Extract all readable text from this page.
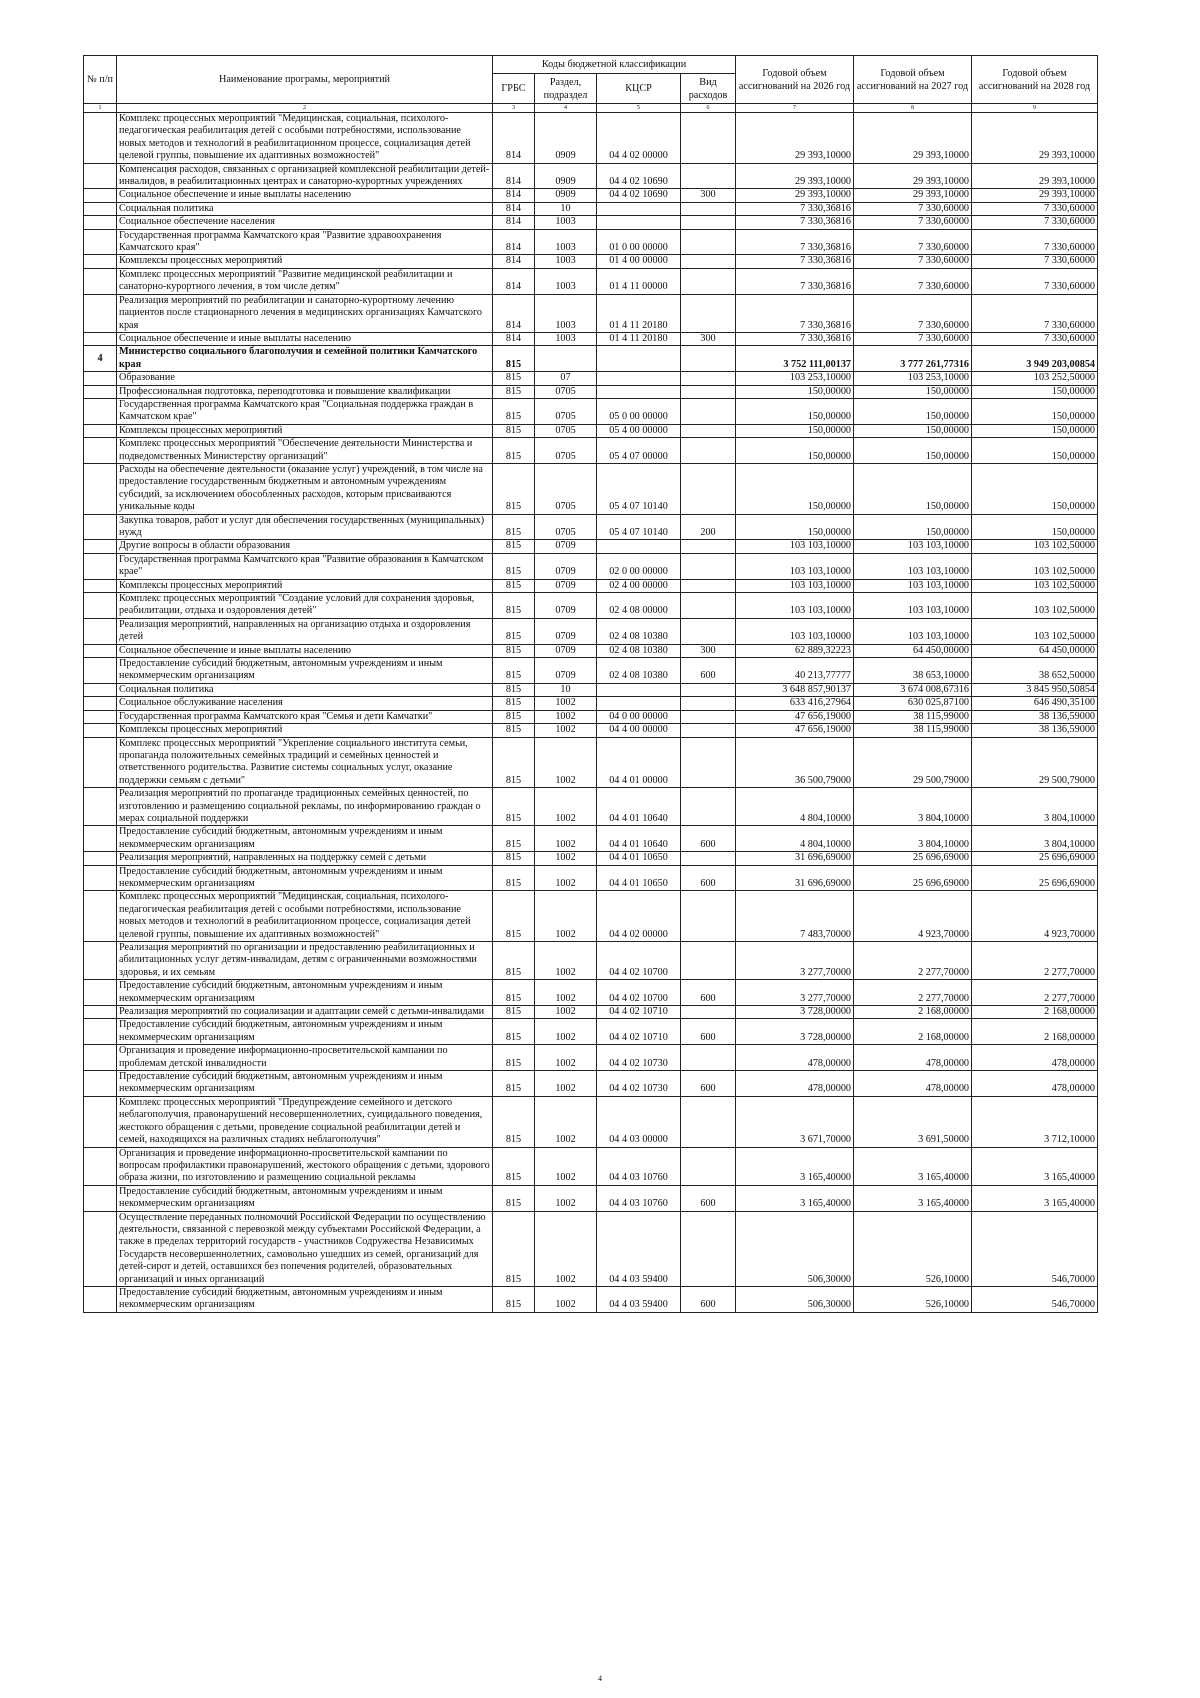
№ п/п	Наименование програмы, мероприятий	Коды бюджетной классификации				Годовой объем ассигнований на 2026 год	Годовой объем ассигнований на 2027 год	Годовой объем ассигнований на 2028 год
		ГРБС	Раздел, подраздел	КЦСР	Вид расходов			
1	2	3	4	5	6	7	8	9
	Комплекс процессных мероприятий "Медицинская, социальная, психолого-педагогическая реабилитация детей с особыми потребностями, использование новых методов и технологий в реабилитационном процессе, социализация детей целевой группы, повышение их адаптивных возможностей"	814	0909	04 4 02 00000		29 393,10000	29 393,10000	29 393,10000
	Компенсация расходов, связанных с организацией комплексной реабилитации детей-инвалидов, в реабилитационных центрах и санаторно-курортных учреждениях	814	0909	04 4 02 10690		29 393,10000	29 393,10000	29 393,10000
	Социальное обеспечение и иные выплаты населению	814	0909	04 4 02 10690	300	29 393,10000	29 393,10000	29 393,10000
	Социальная политика	814	10			7 330,36816	7 330,60000	7 330,60000
	Социальное обеспечение населения	814	1003			7 330,36816	7 330,60000	7 330,60000
	Государственная программа Камчатского края "Развитие здравоохранения Камчатского края"	814	1003	01 0 00 00000		7 330,36816	7 330,60000	7 330,60000
	Комплексы процессных мероприятий	814	1003	01 4 00 00000		7 330,36816	7 330,60000	7 330,60000
	Комплекс процессных мероприятий "Развитие медицинской реабилитации и санаторно-курортного лечения, в том числе детям"	814	1003	01 4 11 00000		7 330,36816	7 330,60000	7 330,60000
	Реализация мероприятий по реабилитации и санаторно-курортному лечению пациентов после стационарного лечения в медицинских организациях Камчатского края	814	1003	01 4 11 20180		7 330,36816	7 330,60000	7 330,60000
	Социальное обеспечение и иные выплаты населению	814	1003	01 4 11 20180	300	7 330,36816	7 330,60000	7 330,60000
4	Министерство социального благополучия и семейной политики Камчатского края	815				3 752 111,00137	3 777 261,77316	3 949 203,00854
	Образование	815	07			103 253,10000	103 253,10000	103 252,50000
	Профессиональная подготовка, переподготовка и повышение квалификации	815	0705			150,00000	150,00000	150,00000
	Государственная программа Камчатского края "Социальная поддержка граждан в Камчатском крае"	815	0705	05 0 00 00000		150,00000	150,00000	150,00000
	Комплексы процессных мероприятий	815	0705	05 4 00 00000		150,00000	150,00000	150,00000
	Комплекс процессных мероприятий "Обеспечение деятельности Министерства и подведомственных Министерству организаций"	815	0705	05 4 07 00000		150,00000	150,00000	150,00000
	Расходы на обеспечение деятельности (оказание услуг) учреждений, в том числе на предоставление государственным бюджетным и автономным учреждениям субсидий, за исключением обособленных расходов, которым присваиваются уникальные коды	815	0705	05 4 07 10140		150,00000	150,00000	150,00000
	Закупка товаров, работ и услуг для обеспечения государственных (муниципальных) нужд	815	0705	05 4 07 10140	200	150,00000	150,00000	150,00000
	Другие вопросы в области образования	815	0709			103 103,10000	103 103,10000	103 102,50000
	Государственная программа Камчатского края "Развитие образования в Камчатском крае"	815	0709	02 0 00 00000		103 103,10000	103 103,10000	103 102,50000
	Комплексы процессных мероприятий	815	0709	02 4 00 00000		103 103,10000	103 103,10000	103 102,50000
	Комплекс процессных мероприятий "Создание условий для сохранения здоровья, реабилитации, отдыха и оздоровления детей"	815	0709	02 4 08 00000		103 103,10000	103 103,10000	103 102,50000
	Реализация мероприятий, направленных на организацию отдыха и оздоровления детей	815	0709	02 4 08 10380		103 103,10000	103 103,10000	103 102,50000
	Социальное обеспечение и иные выплаты населению	815	0709	02 4 08 10380	300	62 889,32223	64 450,00000	64 450,00000
	Предоставление субсидий бюджетным, автономным учреждениям и иным некоммерческим организациям	815	0709	02 4 08 10380	600	40 213,77777	38 653,10000	38 652,50000
	Социальная политика	815	10			3 648 857,90137	3 674 008,67316	3 845 950,50854
	Социальное обслуживание населения	815	1002			633 416,27964	630 025,87100	646 490,35100
	Государственная программа Камчатского края "Семья и дети Камчатки"	815	1002	04 0 00 00000		47 656,19000	38 115,99000	38 136,59000
	Комплексы процессных мероприятий	815	1002	04 4 00 00000		47 656,19000	38 115,99000	38 136,59000
	Комплекс процессных мероприятий "Укрепление социального института семьи, пропаганда положительных семейных традиций и семейных ценностей и ответственного родительства. Развитие системы социальных услуг, оказание поддержки семьям с детьми"	815	1002	04 4 01 00000		36 500,79000	29 500,79000	29 500,79000
	Реализация мероприятий по пропаганде традиционных семейных ценностей, по изготовлению и размещению социальной рекламы, по информированию граждан о мерах социальной поддержки	815	1002	04 4 01 10640		4 804,10000	3 804,10000	3 804,10000
	Предоставление субсидий бюджетным, автономным учреждениям и иным некоммерческим организациям	815	1002	04 4 01 10640	600	4 804,10000	3 804,10000	3 804,10000
	Реализация мероприятий, направленных на поддержку семей с детьми	815	1002	04 4 01 10650		31 696,69000	25 696,69000	25 696,69000
	Предоставление субсидий бюджетным, автономным учреждениям и иным некоммерческим организациям	815	1002	04 4 01 10650	600	31 696,69000	25 696,69000	25 696,69000
	Комплекс процессных мероприятий "Медицинская, социальная, психолого-педагогическая реабилитация детей с особыми потребностями, использование новых методов и технологий в реабилитационном процессе, социализация детей целевой группы, повышение их адаптивных возможностей"	815	1002	04 4 02 00000		7 483,70000	4 923,70000	4 923,70000
	Реализация мероприятий по организации и предоставлению реабилитационных и абилитационных услуг детям-инвалидам, детям с ограниченными возможностями здоровья, и их семьям	815	1002	04 4 02 10700		3 277,70000	2 277,70000	2 277,70000
	Предоставление субсидий бюджетным, автономным учреждениям и иным некоммерческим организациям	815	1002	04 4 02 10700	600	3 277,70000	2 277,70000	2 277,70000
	Реализация мероприятий по социализации и адаптации семей с детьми-инвалидами	815	1002	04 4 02 10710		3 728,00000	2 168,00000	2 168,00000
	Предоставление субсидий бюджетным, автономным учреждениям и иным некоммерческим организациям	815	1002	04 4 02 10710	600	3 728,00000	2 168,00000	2 168,00000
	Организация и проведение информационно-просветительской кампании по проблемам детской инвалидности	815	1002	04 4 02 10730		478,00000	478,00000	478,00000
	Предоставление субсидий бюджетным, автономным учреждениям и иным некоммерческим организациям	815	1002	04 4 02 10730	600	478,00000	478,00000	478,00000
	Комплекс процессных мероприятий "Предупреждение семейного и детского неблагополучия, правонарушений несовершеннолетних, суицидального поведения, жестокого обращения с детьми, проведение социальной реабилитации детей и семей, находящихся на различных стадиях неблагополучия"	815	1002	04 4 03 00000		3 671,70000	3 691,50000	3 712,10000
	Организация и проведение информационно-просветительской кампании по вопросам профилактики правонарушений, жестокого обращения с детьми, здорового образа жизни, по изготовлению и размещению социальной рекламы	815	1002	04 4 03 10760		3 165,40000	3 165,40000	3 165,40000
	Предоставление субсидий бюджетным, автономным учреждениям и иным некоммерческим организациям	815	1002	04 4 03 10760	600	3 165,40000	3 165,40000	3 165,40000
	Осуществление переданных полномочий Российской Федерации по осуществлению деятельности, связанной с перевозкой между субъектами Российской Федерации, а также в пределах территорий государств - участников Содружества Независимых Государств несовершеннолетних, самовольно ушедших из семей, организаций для детей-сирот и детей, оставшихся без попечения родителей, образовательных организаций и иных организаций	815	1002	04 4 03 59400		506,30000	526,10000	546,70000
	Предоставление субсидий бюджетным, автономным учреждениям и иным некоммерческим организациям	815	1002	04 4 03 59400	600	506,30000	526,10000	546,70000
4
